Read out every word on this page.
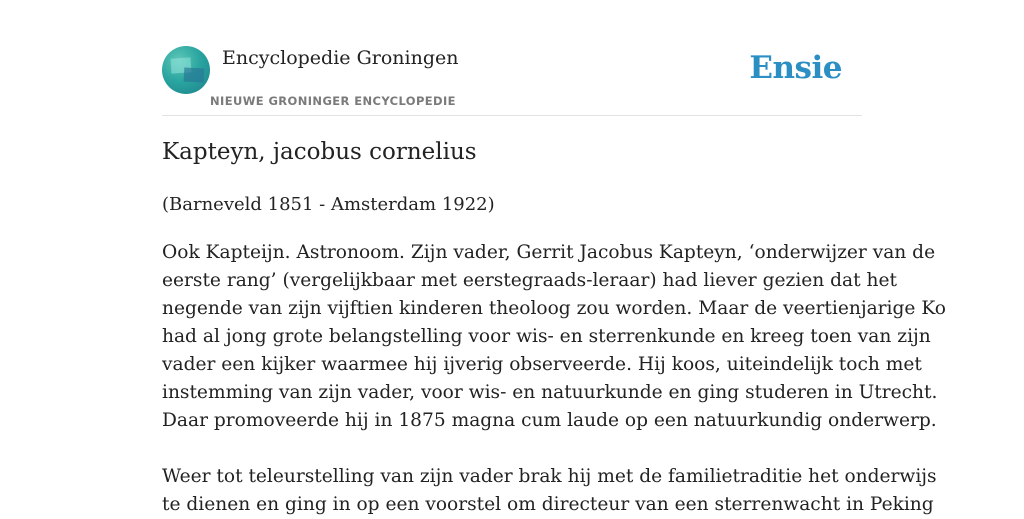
Encyclopedie Groningen
NIEUWE GRONINGER ENCYCLOPEDIE
Ensie
Kapteyn, jacobus cornelius

(Barneveld 1851 - Amsterdam 1922)

Ook Kapteijn. Astronoom. Zijn vader, Gerrit Jacobus Kapteyn, ‘onderwijzer van de
eerste rang’ (vergelijkbaar met eerstegraads-leraar) had liever gezien dat het
negende van zijn vijftien kinderen theoloog zou worden. Maar de veertienjarige Ko
had al jong grote belangstelling voor wis- en sterrenkunde en kreeg toen van zijn
vader een kijker waarmee hij ijverig observeerde. Hij koos, uiteindelijk toch met
instemming van zijn vader, voor wis- en natuurkunde en ging studeren in Utrecht.
Daar promoveerde hij in 1875 magna cum laude op een natuurkundig onderwerp.
Weer tot teleurstelling van zijn vader brak hij met de familietraditie het onderwijs
te dienen en ging in op een voorstel om directeur van een sterrenwacht in Peking
